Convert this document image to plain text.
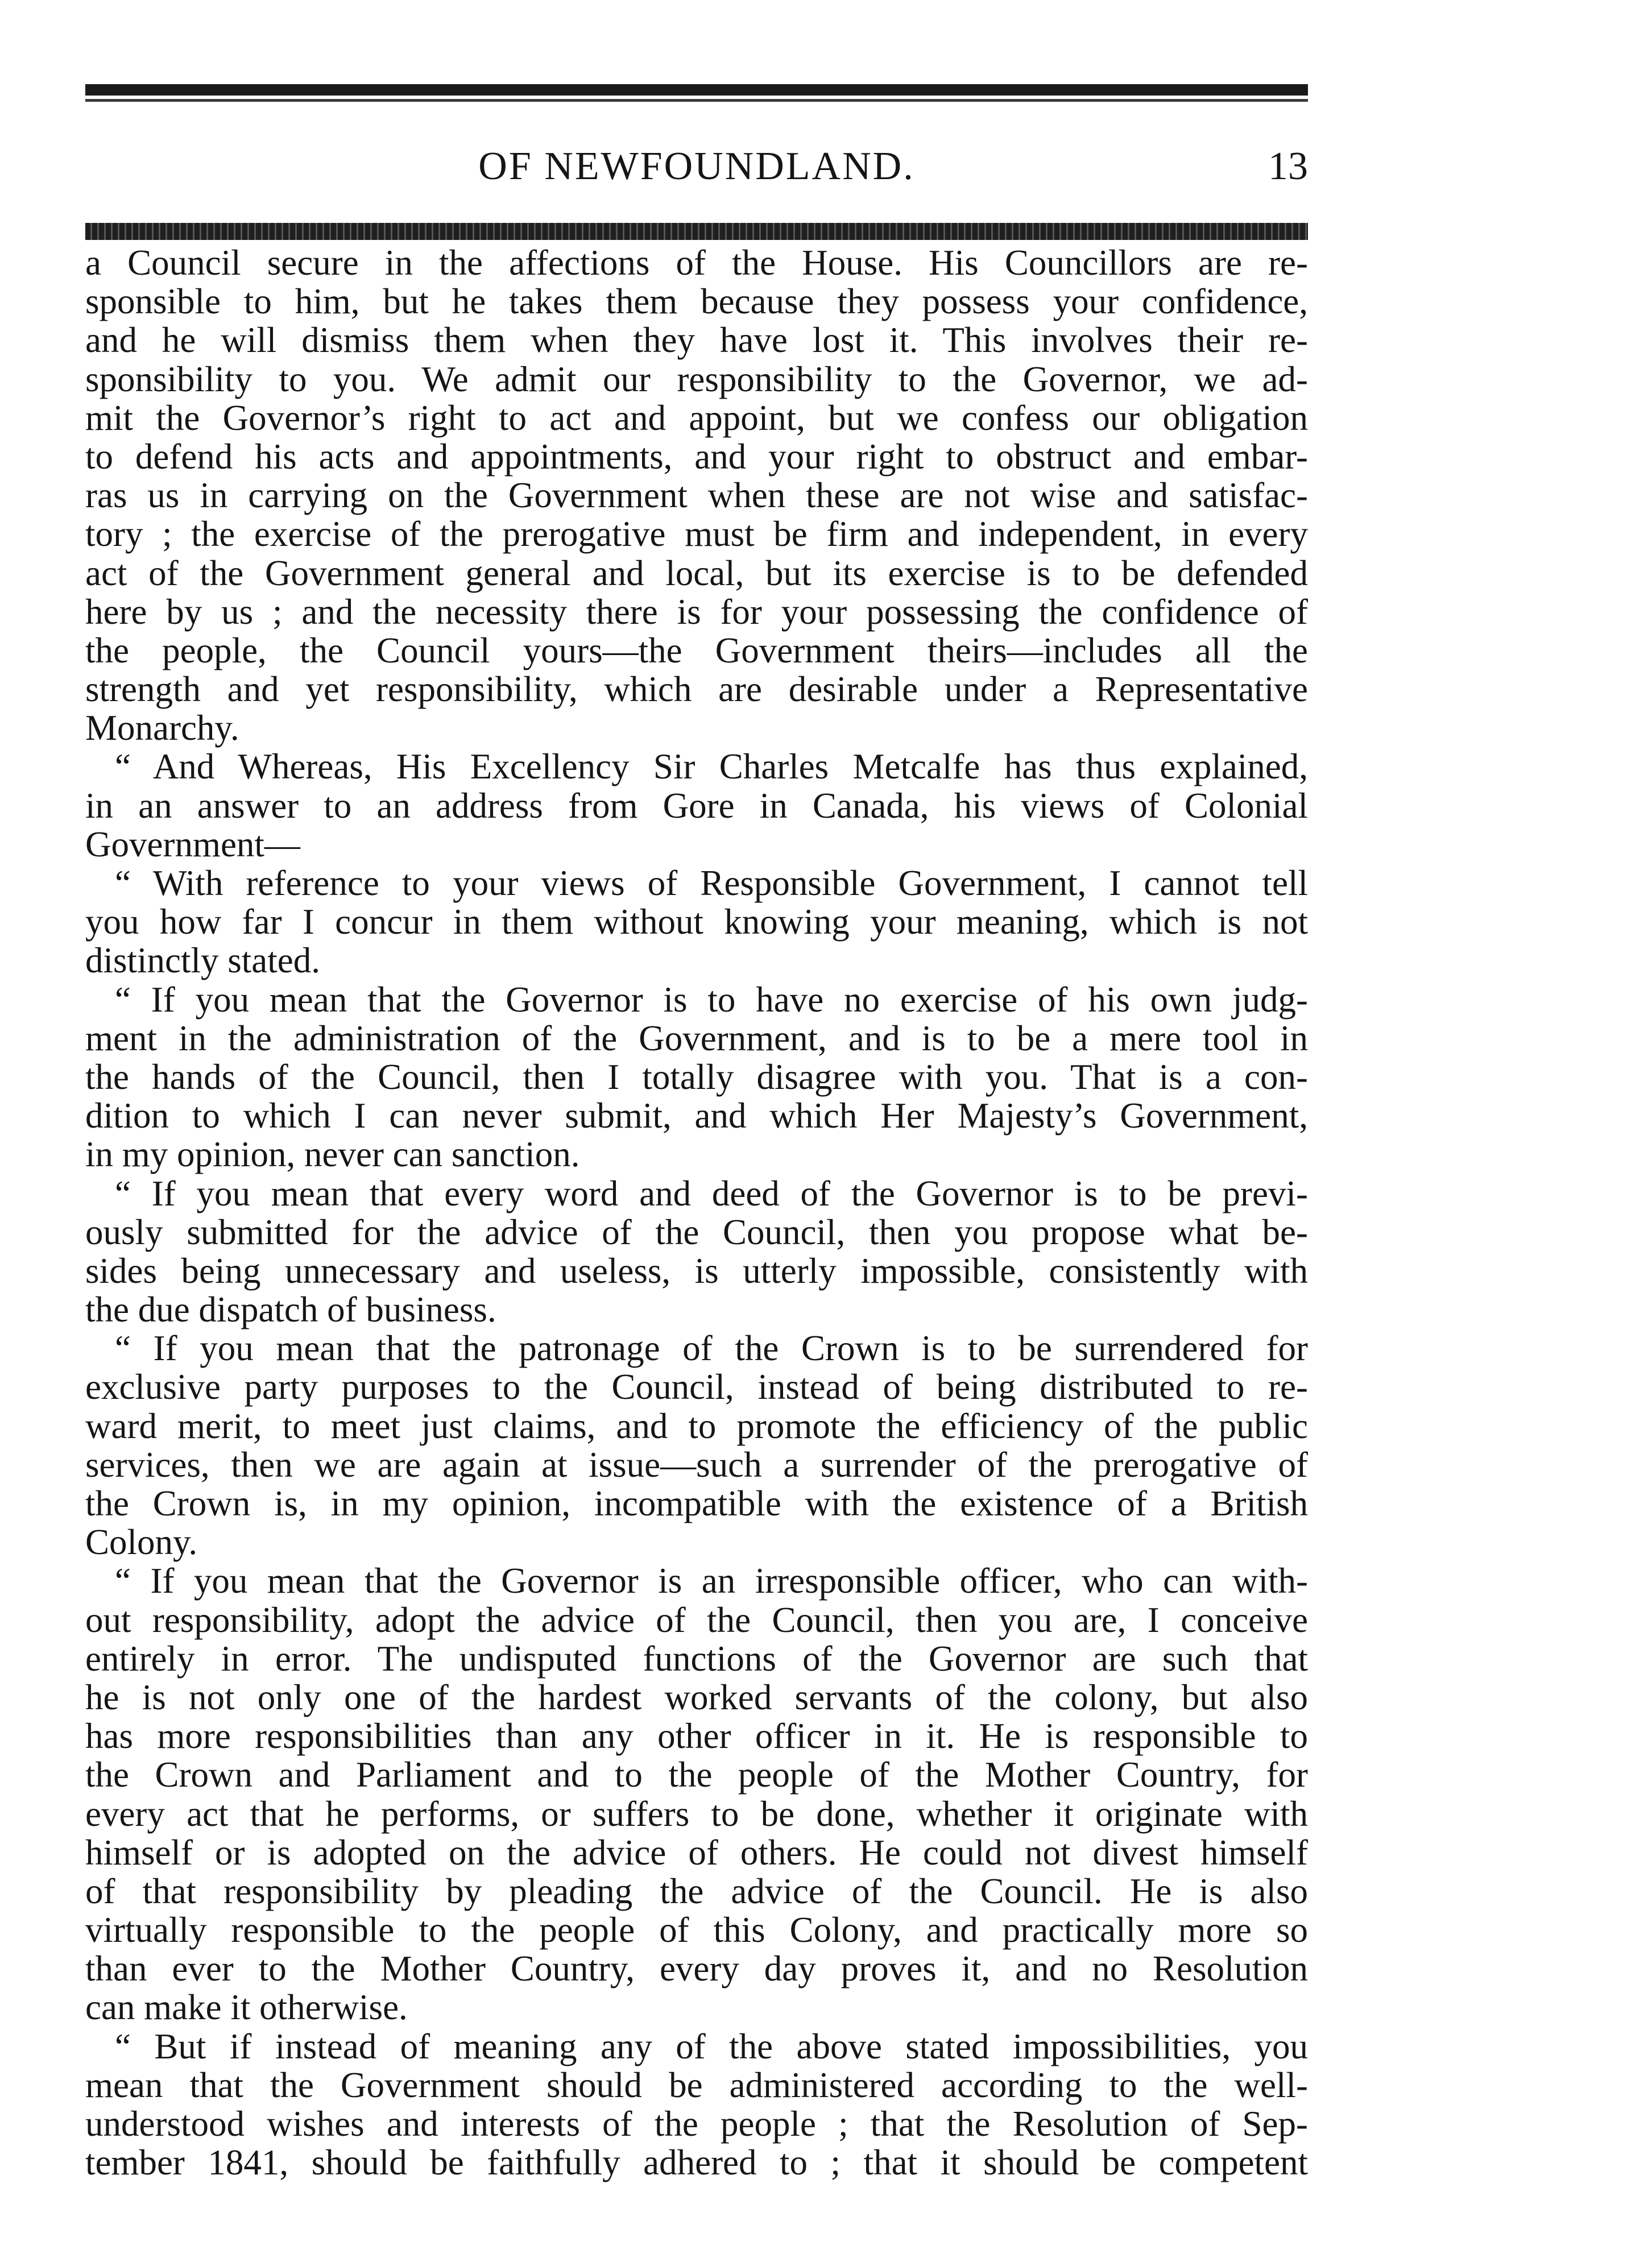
OF NEWFOUNDLAND.	13
a Council secure in the affections of the House. His Councillors are re-
sponsible to him, but he takes them because they possess your confidence,
and he will dismiss them when they have lost it. This involves their re-
sponsibility to you. We admit our responsibility to the Governor, we ad-
mit the Governor’s right to act and appoint, but we confess our obligation
to defend his acts and appointments, and your right to obstruct and embar-
ras us in carrying on the Government when these are not wise and satisfac-
tory ; the exercise of the prerogative must be firm and independent, in every
act of the Government general and local, but its exercise is to be defended
here by us ; and the necessity there is for your possessing the confidence of
the people, the Council yours—the Government theirs—includes all the
strength and yet responsibility, which are desirable under a Representative
Monarchy.
“ And Whereas, His Excellency Sir Charles Metcalfe has thus explained,
in an answer to an address from Gore in Canada, his views of Colonial
Government—
“ With reference to your views of Responsible Government, I cannot tell
you how far I concur in them without knowing your meaning, which is not
distinctly stated.
“ If you mean that the Governor is to have no exercise of his own judg-
ment in the administration of the Government, and is to be a mere tool in
the hands of the Council, then I totally disagree with you. That is a con-
dition to which I can never submit, and which Her Majesty’s Government,
in my opinion, never can sanction.
“ If you mean that every word and deed of the Governor is to be previ-
ously submitted for the advice of the Council, then you propose what be-
sides being unnecessary and useless, is utterly impossible, consistently with
the due dispatch of business.
“ If you mean that the patronage of the Crown is to be surrendered for
exclusive party purposes to the Council, instead of being distributed to re-
ward merit, to meet just claims, and to promote the efficiency of the public
services, then we are again at issue—such a surrender of the prerogative of
the Crown is, in my opinion, incompatible with the existence of a British
Colony.
“ If you mean that the Governor is an irresponsible officer, who can with-
out responsibility, adopt the advice of the Council, then you are, I conceive
entirely in error. The undisputed functions of the Governor are such that
he is not only one of the hardest worked servants of the colony, but also
has more responsibilities than any other officer in it. He is responsible to
the Crown and Parliament and to the people of the Mother Country, for
every act that he performs, or suffers to be done, whether it originate with
himself or is adopted on the advice of others. He could not divest himself
of that responsibility by pleading the advice of the Council. He is also
virtually responsible to the people of this Colony, and practically more so
than ever to the Mother Country, every day proves it, and no Resolution
can make it otherwise.
“ But if instead of meaning any of the above stated impossibilities, you
mean that the Government should be administered according to the well-
understood wishes and interests of the people ; that the Resolution of Sep-
tember 1841, should be faithfully adhered to ; that it should be competent
